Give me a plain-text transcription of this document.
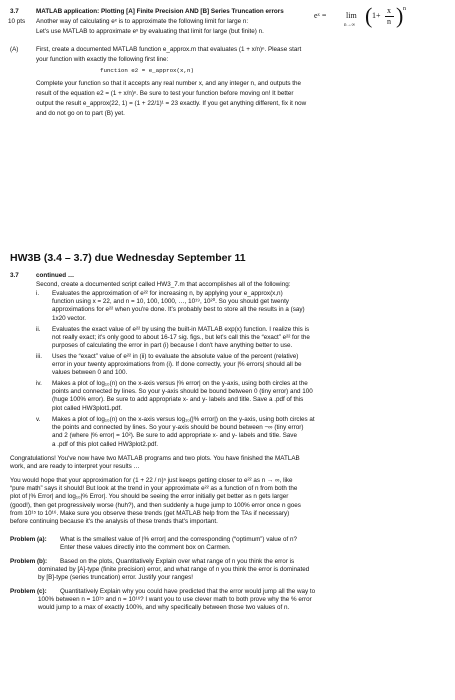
3.7	MATLAB application: Plotting [A] Finite Precision AND [B] Series Truncation errors
10 pts Another way of calculating eˣ is to approximate the following limit for large n:
Let's use MATLAB to approximate eˣ by evaluating that limit for large (but finite) n.
eˣ = lim
n→∞ ( 1+
x
n ) n
(A)	First, create a documented MATLAB function e_approx.m that evaluates (1 + x/n)ⁿ. Please start
your function with exactly the following first line:
function e2 = e_approx(x,n)
Complete your function so that it accepts any real number x, and any integer n, and outputs the
result of the equation e2 = (1 + x/n)ⁿ. Be sure to test your function before moving on! It better
output the result e_approx(22, 1) = (1 + 22/1)¹ = 23 exactly. If you get anything different, fix it now
and do not go on to part (B) yet.
HW3B (3.4 – 3.7) due Wednesday September 11
3.7	continued …
Second, create a documented script called HW3_7.m that accomplishes all of the following:
i. Evaluates the approximation of e²² for increasing n, by applying your e_approx(x,n)

function using x = 22, and n = 10, 100, 1000, …, 10¹⁹, 10²⁰. So you should get twenty

approximations for e²² when you're done. It's probably best to store all the results in a (say)

1x20 vector.

ii. Evaluates the exact value of e²² by using the built-in MATLAB exp(x) function. I realize this is

not really exact; it's only good to about 16-17 sig. figs., but let's call this the “exact” e²² for the

purposes of calculating the error in part (i) because I don't have anything better to use.

iii. Uses the “exact” value of e²² in (ii) to evaluate the absolute value of the percent (relative)

error in your twenty approximations from (i). If done correctly, your |% errors| should all be

values between 0 and 100.

iv. Makes a plot of log₁₀(n) on the x-axis versus |% error| on the y-axis, using both circles at the

points and connected by lines. So your y-axis should be bound between 0 (tiny error) and 100

(huge 100% error). Be sure to add appropriate x- and y- labels and title. Save a .pdf of this

plot called HW3plot1.pdf.

v. Makes a plot of log₁₀(n) on the x-axis versus log₁₀(|% error|) on the y-axis, using both circles at

the points and connected by lines. So your y-axis should be bound between −∞ (tiny error)

and 2 (where |% error| = 10²). Be sure to add appropriate x- and y- labels and title. Save

a .pdf of this plot called HW3plot2.pdf.

Congratulations! You've now have two MATLAB programs and two plots. You have finished the MATLAB

work, and are ready to interpret your results …

You would hope that your approximation for (1 + 22 / n)ⁿ just keeps getting closer to e²² as n → ∞, like

“pure math” says it should! But look at the trend in your approximate e²² as a function of n from both the

plot of |% Error| and log₁₀|% Error|. You should be seeing the error initially get better as n gets larger

(good!), then get progressively worse (huh?), and then suddenly a huge jump to 100% error once n goes

from 10¹⁵ to 10¹⁶. Make sure you observe these trends (get MATLAB help from the TAs if necessary)

before continuing because it's the analysis of these trends that's important.

Problem (a): What is the smallest value of |% error| and the corresponding (“optimum”) value of n?

Enter these values directly into the comment box on Carmen.

Problem (b): Based on the plots, Quantitatively Explain over what range of n you think the error is

dominated by [A]-type (finite precision) error, and what range of n you think the error is dominated

by [B]-type (series truncation) error. Justify your ranges!

Problem (c): Quantitatively Explain why you could have predicted that the error would jump all the way to

100% between n = 10¹⁵ and n = 10¹⁶? I want you to use clever math to both prove why the % error

would jump to a max of exactly 100%, and why specifically between those two values of n.
